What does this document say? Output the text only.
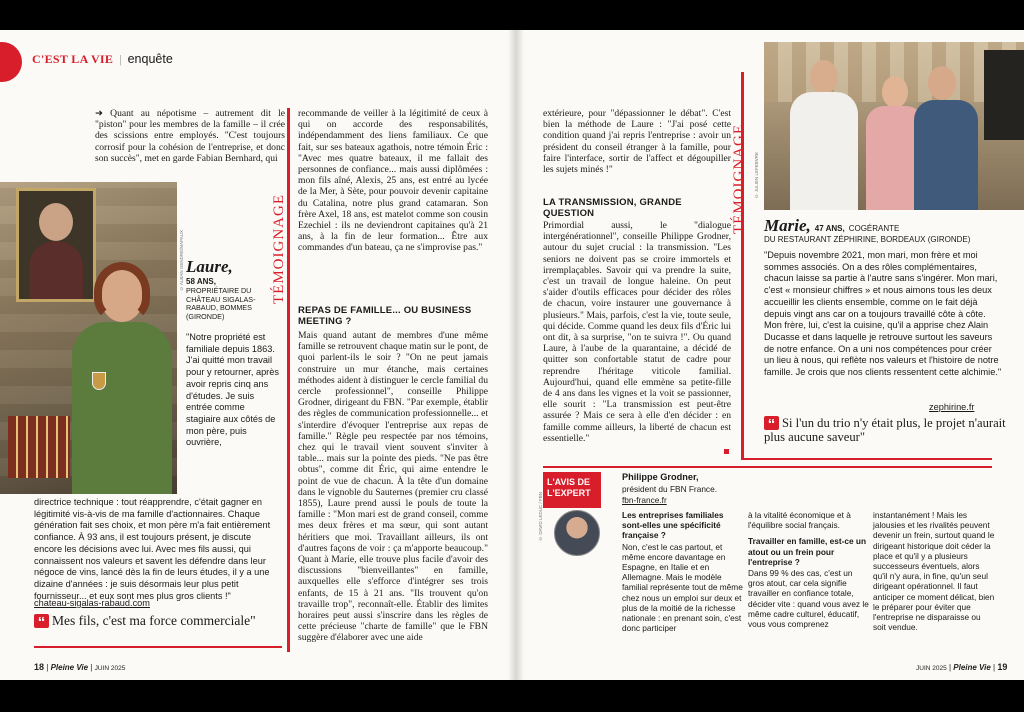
C'EST LA VIE | enquête
➜ Quant au népotisme – autrement dit le "piston" pour les membres de la famille – il crée des scissions entre employés. "C'est toujours corrosif pour la cohésion de l'entreprise, et donc son succès", met en garde Fabian Bernhard, qui
© ALBAN GENDRE/MAPAUX Laure,
58 ANS,
PROPRIÉTAIRE DU CHÂTEAU SIGALAS-RABAUD, BOMMES (GIRONDE)
"Notre propriété est familiale depuis 1863. J'ai quitté mon travail pour y retourner, après avoir repris cinq ans d'études. Je suis entrée comme stagiaire aux côtés de mon père, puis ouvrière,
directrice technique : tout réapprendre, c'était gagner en légitimité vis-à-vis de ma famille d'actionnaires. Chaque génération fait ses choix, et mon père m'a fait entièrement confiance. À 93 ans, il est toujours présent, je discute encore les décisions avec lui. Avec mes fils aussi, qui connaissent nos valeurs et savent les défendre dans leur négoce de vins, lancé dès la fin de leurs études, il y a une dizaine d'années : je suis désormais leur plus petit fournisseur... et eux sont mes plus gros clients !"
chateau-sigalas-rabaud.com
“ Mes fils, c'est ma force commerciale"
TÉMOIGNAGE
recommande de veiller à la légitimité de ceux à qui on accorde des responsabilités, indépendamment des liens familiaux. Ce que fait, sur ses bateaux agathois, notre témoin Éric : "Avec mes quatre bateaux, il me fallait des personnes de confiance... mais aussi diplômées : mon fils aîné, Alexis, 25 ans, est entré au lycée de la Mer, à Sète, pour pouvoir devenir capitaine du Catalina, notre plus grand catamaran. Son frère Axel, 18 ans, est matelot comme son cousin Ezechiel : ils ne deviendront capitaines qu'à 21 ans, à la fin de leur formation... Être aux commandes d'un bateau, ça ne s'improvise pas."
REPAS DE FAMILLE... OU BUSINESS MEETING ?
Mais quand autant de membres d'une même famille se retrouvent chaque matin sur le pont, de quoi parlent-ils le soir ? "On ne peut jamais construire un mur étanche, mais certaines méthodes aident à distinguer le cercle familial du cercle professionnel", conseille Philippe Grodner, dirigeant du FBN. "Par exemple, établir des règles de communication professionnelle... et s'interdire d'évoquer l'entreprise aux repas de famille." Règle peu respectée par nos témoins, chez qui le travail vient souvent s'inviter à table... mais sur la pointe des pieds. "Ne pas être obtus", comme dit Éric, qui aime entendre le point de vue de chacun. À la tête d'un domaine dans le vignoble du Sauternes (premier cru classé 1855), Laure prend aussi le pouls de toute la famille : "Mon mari est de grand conseil, comme mes deux frères et ma sœur, qui sont autant héritiers que moi. Travaillant ailleurs, ils ont d'autres façons de voir : ça m'apporte beaucoup." Quant à Marie, elle trouve plus facile d'avoir des discussions "bienveillantes" en famille, auxquelles elle s'efforce d'intégrer ses trois enfants, de 15 à 21 ans. "Ils trouvent qu'on travaille trop", reconnaît-elle. Établir des limites horaires peut aussi s'inscrire dans les règles de cette précieuse "charte de famille" que le FBN suggère d'élaborer avec une aide
18 | Pleine Vie | JUIN 2025
extérieure, pour "dépassionner le débat". C'est bien la méthode de Laure : "J'ai posé cette condition quand j'ai repris l'entreprise : avoir un président du conseil étranger à la famille, pour faire l'interface, sortir de l'affect et dégoupiller les sujets minés !"
LA TRANSMISSION, GRANDE QUESTION
Primordial aussi, le "dialogue intergénérationnel", conseille Philippe Grodner, autour du sujet crucial : la transmission. "Les seniors ne doivent pas se croire immortels et irremplaçables. Savoir qui va prendre la suite, c'est un travail de longue haleine. On peut s'aider d'outils efficaces pour décider des rôles de chacun, voire instaurer une gouvernance à plusieurs." Mais, parfois, c'est la vie, toute seule, qui décide. Comme quand les deux fils d'Éric lui ont dit, à sa surprise, "on te suivra !". Ou quand Laure, à l'aube de la quarantaine, a décidé de quitter son confortable statut de cadre pour reprendre l'héritage viticole familial. Aujourd'hui, quand elle emmène sa petite-fille de 4 ans dans les vignes et la voit se passionner, elle sourit : "La transmission est peut-être assurée ? Mais ce sera à elle d'en décider : en famille comme ailleurs, la liberté de chacun est essentielle."
TÉMOIGNAGE © JULIEN LEFEBVRE
Marie, 47 ANS, COGÉRANTE
DU RESTAURANT ZÉPHIRINE, BORDEAUX (GIRONDE)
"Depuis novembre 2021, mon mari, mon frère et moi sommes associés. On a des rôles complémentaires, chacun laisse sa partie à l'autre sans s'ingérer. Mon mari, c'est « monsieur chiffres » et nous aimons tous les deux accueillir les clients ensemble, comme on le fait déjà depuis vingt ans car on a toujours travaillé côte à côte. Mon frère, lui, c'est la cuisine, qu'il a apprise chez Alain Ducasse et dans laquelle je retrouve surtout les saveurs de notre enfance. On a uni nos compétences pour créer un lieu à nous, qui reflète nos valeurs et l'histoire de notre famille. Je crois que nos clients ressentent cette alchimie."
zephirine.fr
“ Si l'un du trio n'y était plus, le projet n'aurait plus aucune saveur"
L'AVIS DE
L'EXPERT
© DAVID LEDUC / FBN
Philippe Grodner,
président du FBN France.
fbn-france.fr
Les entreprises familiales sont-elles une spécificité française ?
Non, c'est le cas partout, et même encore davantage en Espagne, en Italie et en Allemagne. Mais le modèle familial représente tout de même chez nous un emploi sur deux et plus de la moitié de la richesse nationale : en prenant soin, c'est donc participer
à la vitalité économique et à l'équilibre social français.
Travailler en famille, est-ce un atout ou un frein pour l'entreprise ?
Dans 99 % des cas, c'est un gros atout, car cela signifie travailler en confiance totale, décider vite : quand vous avez le même cadre culturel, éducatif, vous vous comprenez
instantanément ! Mais les jalousies et les rivalités peuvent devenir un frein, surtout quand le dirigeant historique doit céder la place et qu'il y a plusieurs successeurs éventuels, alors qu'il n'y aura, in fine, qu'un seul dirigeant opérationnel. Il faut anticiper ce moment délicat, bien le préparer pour éviter que l'entreprise ne disparaisse ou soit vendue.
JUIN 2025 | Pleine Vie | 19
